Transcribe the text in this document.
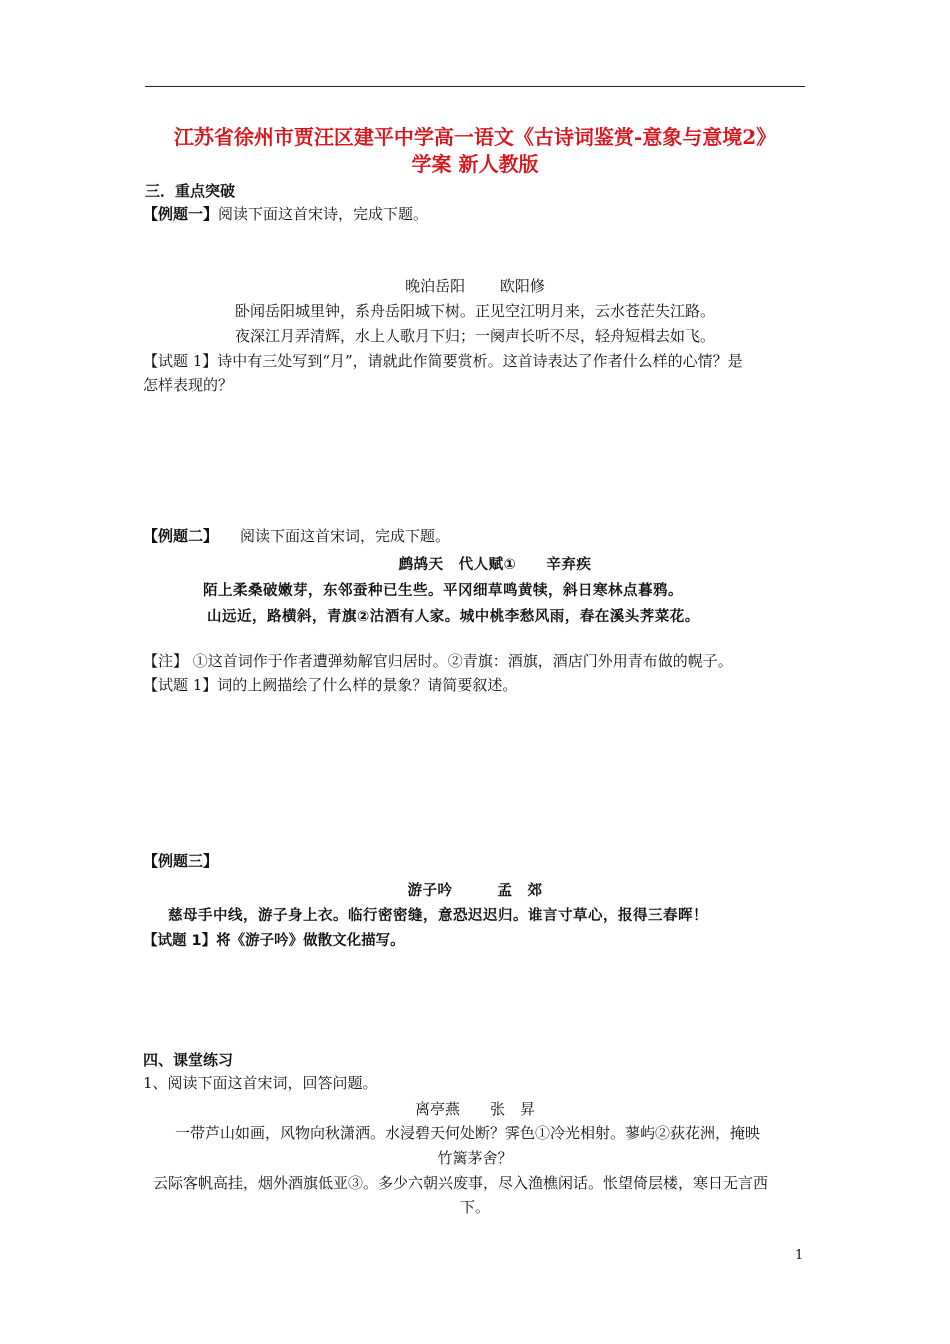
江苏省徐州市贾汪区建平中学高一语文《古诗词鉴赏-意象与意境2》
学案 新人教版
三．重点突破
【例题一】阅读下面这首宋诗，完成下题。
晚泊岳阳　　 欧阳修
卧闻岳阳城里钟，系舟岳阳城下树。正见空江明月来，云水苍茫失江路。
夜深江月弄清辉，水上人歌月下归；一阕声长听不尽，轻舟短楫去如飞。
【试题 1】诗中有三处写到“月”，请就此作简要赏析。这首诗表达了作者什么样的心情？是
怎样表现的？
【例题二】 阅读下面这首宋词，完成下题。
鹧鸪天　代人赋①　　辛弃疾
陌上柔桑破嫩芽，东邻蚕种已生些。平冈细草鸣黄犊，斜日寒林点暮鸦。
山远近，路横斜，青旗②沽酒有人家。城中桃李愁风雨，春在溪头荠菜花。
【注】 ①这首词作于作者遭弹劾解官归居时。②青旗：酒旗，酒店门外用青布做的幌子。
【试题 1】词的上阙描绘了什么样的景象？请简要叙述。
【例题三】
游子吟　　　孟　郊
慈母手中线，游子身上衣。临行密密缝，意恐迟迟归。谁言寸草心，报得三春晖！
【试题 1】将《游子吟》做散文化描写。
四、课堂练习
1、阅读下面这首宋词，回答问题。
离亭燕　　张　昇
一带芦山如画，风物向秋潇洒。水浸碧天何处断？霁色①冷光相射。蓼屿②荻花洲，掩映
竹篱茅舍？
云际客帆高挂，烟外酒旗低亚③。多少六朝兴废事，尽入渔樵闲话。怅望倚层楼，寒日无言西
下。
1
